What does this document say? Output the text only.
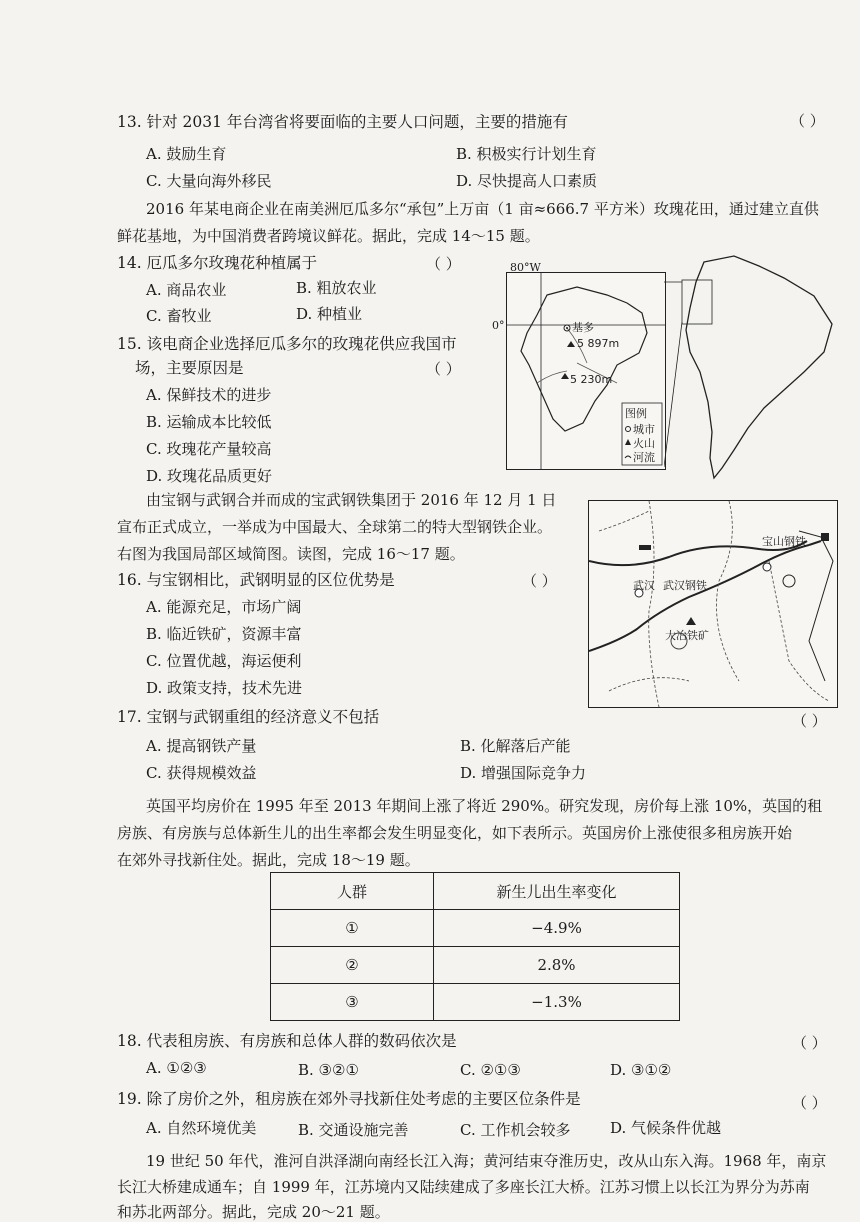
13. 针对 2031 年台湾省将要面临的主要人口问题，主要的措施有	（ ）
A. 鼓励生育	B. 积极实行计划生育
C. 大量向海外移民	D. 尽快提高人口素质
2016 年某电商企业在南美洲厄瓜多尔“承包”上万亩（1 亩≈666.7 平方米）玫瑰花田，通过建立直供
鲜花基地，为中国消费者跨境议鲜花。据此，完成 14～15 题。
14. 厄瓜多尔玫瑰花种植属于	（ ）
A. 商品农业	B. 粗放农业
C. 畜牧业	D. 种植业
15. 该电商企业选择厄瓜多尔的玫瑰花供应我国市
场，主要原因是	（ ）
A. 保鲜技术的进步
B. 运输成本比较低
C. 玫瑰花产量较高
D. 玫瑰花品质更好
基多
5 897m
5 230m
图例
城市
火山
河流
80°W
0°
由宝钢与武钢合并而成的宝武钢铁集团于 2016 年 12 月 1 日
宣布正式成立，一举成为中国最大、全球第二的特大型钢铁企业。
右图为我国局部区域简图。读图，完成 16～17 题。
宝山钢铁
武汉 武汉钢铁
大冶铁矿
16. 与宝钢相比，武钢明显的区位优势是	（ ）
A. 能源充足，市场广阔
B. 临近铁矿，资源丰富
C. 位置优越，海运便利
D. 政策支持，技术先进
17. 宝钢与武钢重组的经济意义不包括	（ ）
A. 提高钢铁产量	B. 化解落后产能
C. 获得规模效益	D. 增强国际竞争力
英国平均房价在 1995 年至 2013 年期间上涨了将近 290%。研究发现，房价每上涨 10%，英国的租
房族、有房族与总体新生儿的出生率都会发生明显变化，如下表所示。英国房价上涨使很多租房族开始
在郊外寻找新住处。据此，完成 18～19 题。
人群	新生儿出生率变化
①	−4.9%
②	2.8%
③	−1.3%
18. 代表租房族、有房族和总体人群的数码依次是	（ ）
A. ①②③	B. ③②①	C. ②①③	D. ③①②
19. 除了房价之外，租房族在郊外寻找新住处考虑的主要区位条件是	（ ）
A. 自然环境优美	B. 交通设施完善	C. 工作机会较多	D. 气候条件优越
19 世纪 50 年代，淮河自洪泽湖向南经长江入海；黄河结束夺淮历史，改从山东入海。1968 年，南京
长江大桥建成通车；自 1999 年，江苏境内又陆续建成了多座长江大桥。江苏习惯上以长江为界分为苏南
和苏北两部分。据此，完成 20～21 题。
